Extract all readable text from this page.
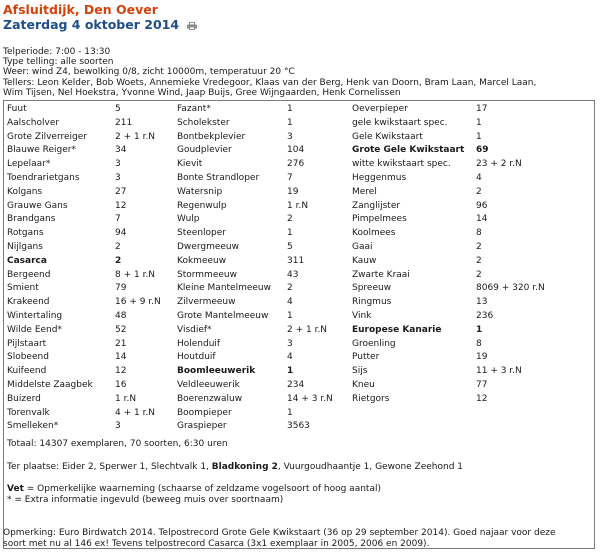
Afsluitdijk, Den Oever
Zaterdag 4 oktober 2014
Telperiode: 7:00 - 13:30
Type telling: alle soorten
Weer: wind Z4, bewolking 0/8, zicht 10000m, temperatuur 20 °C
Tellers: Leon Kelder, Bob Woets, Annemieke Vredegoor, Klaas van der Berg, Henk van Doorn, Bram Laan, Marcel Laan,
Wim Tijsen, Nel Hoekstra, Yvonne Wind, Jaap Buijs, Gree Wijngaarden, Henk Cornelissen
Fuut	5	Fazant*	1	Oeverpieper	17
Aalscholver	211	Scholekster	1	gele kwikstaart spec.	1
Grote Zilverreiger	2 + 1 r.N	Bontbekplevier	3	Gele Kwikstaart	1
Blauwe Reiger*	34	Goudplevier	104	Grote Gele Kwikstaart	69
Lepelaar*	3	Kievit	276	witte kwikstaart spec.	23 + 2 r.N
Toendrarietgans	3	Bonte Strandloper	7	Heggenmus	4
Kolgans	27	Watersnip	19	Merel	2
Grauwe Gans	12	Regenwulp	1 r.N	Zanglijster	96
Brandgans	7	Wulp	2	Pimpelmees	14
Rotgans	94	Steenloper	1	Koolmees	8
Nijlgans	2	Dwergmeeuw	5	Gaai	2
Casarca	2	Kokmeeuw	311	Kauw	2
Bergeend	8 + 1 r.N	Stormmeeuw	43	Zwarte Kraai	2
Smient	79	Kleine Mantelmeeuw	2	Spreeuw	8069 + 320 r.N
Krakeend	16 + 9 r.N	Zilvermeeuw	4	Ringmus	13
Wintertaling	48	Grote Mantelmeeuw	1	Vink	236
Wilde Eend*	52	Visdief*	2 + 1 r.N	Europese Kanarie	1
Pijlstaart	21	Holenduif	3	Groenling	8
Slobeend	14	Houtduif	4	Putter	19
Kuifeend	12	Boomleeuwerik	1	Sijs	11 + 3 r.N
Middelste Zaagbek	16	Veldleeuwerik	234	Kneu	77
Buizerd	1 r.N	Boerenzwaluw	14 + 3 r.N	Rietgors	12
Torenvalk	4 + 1 r.N	Boompieper	1		
Smelleken*	3	Graspieper	3563		
Totaal: 14307 exemplaren, 70 soorten, 6:30 uren
Ter plaatse: Eider 2, Sperwer 1, Slechtvalk 1, Bladkoning 2, Vuurgoudhaantje 1, Gewone Zeehond 1
Vet = Opmerkelijke waarneming (schaarse of zeldzame vogelsoort of hoog aantal)
* = Extra informatie ingevuld (beweeg muis over soortnaam)
Opmerking: Euro Birdwatch 2014. Telpostrecord Grote Gele Kwikstaart (36 op 29 september 2014). Goed najaar voor deze
soort met nu al 146 ex! Tevens telpostrecord Casarca (3x1 exemplaar in 2005, 2006 en 2009).
